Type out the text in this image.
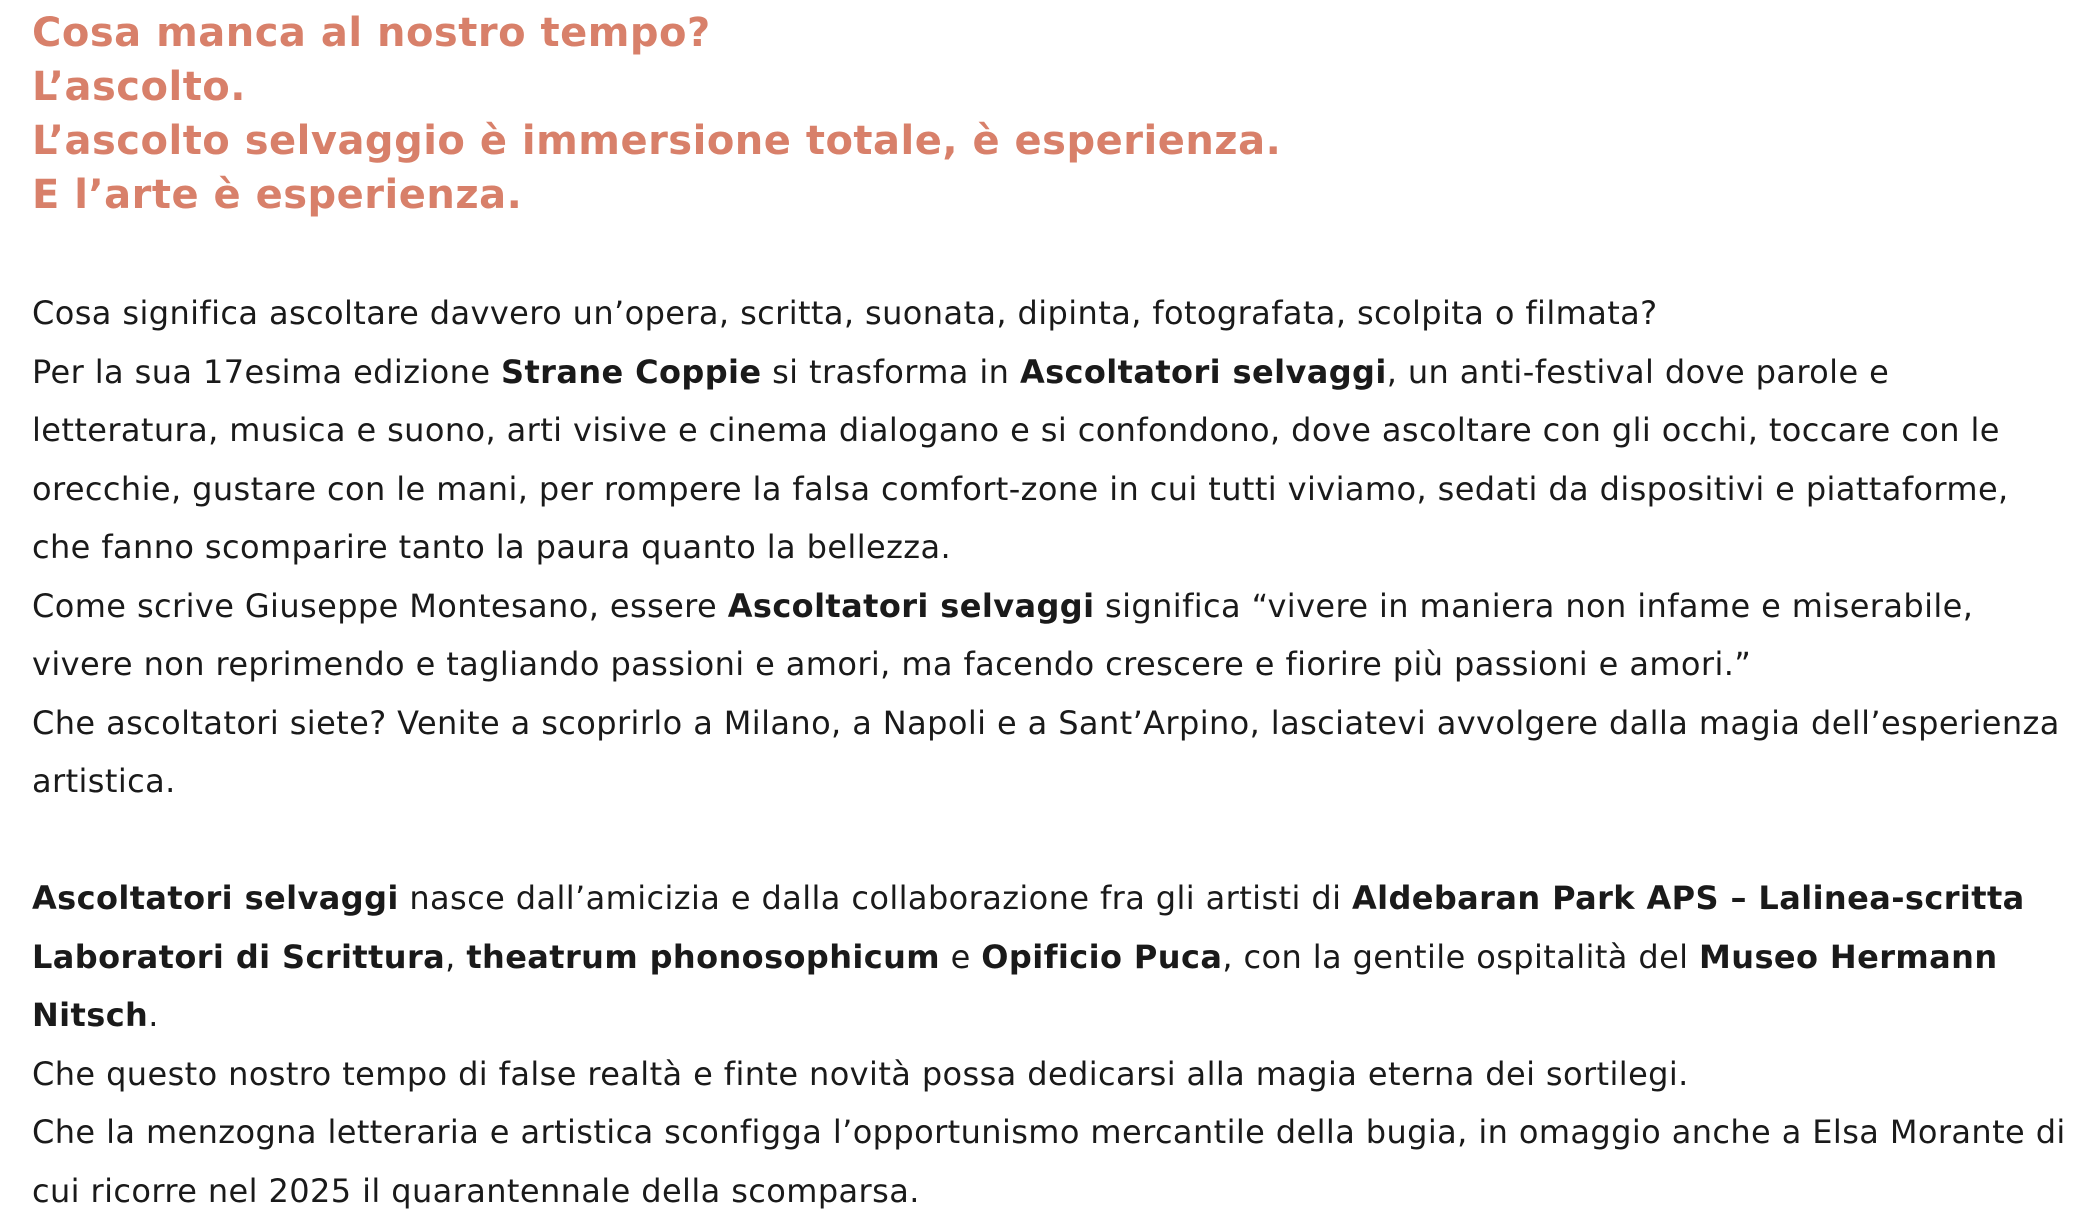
Cosa manca al nostro tempo?
L’ascolto.
L’ascolto selvaggio è immersione totale, è esperienza.
E l’arte è esperienza.

Cosa significa ascoltare davvero un’opera, scritta, suonata, dipinta, fotografata, scolpita o filmata?

Per la sua 17esima edizione Strane Coppie si trasforma in Ascoltatori selvaggi, un anti-festival dove parole e letteratura, musica e suono, arti visive e cinema dialogano e si confondono, dove ascoltare con gli occhi, toccare con le orecchie, gustare con le mani, per rompere la falsa comfort-zone in cui tutti viviamo, sedati da dispositivi e piattaforme, che fanno scomparire tanto la paura quanto la bellezza.

Come scrive Giuseppe Montesano, essere Ascoltatori selvaggi significa “vivere in maniera non infame e miserabile, vivere non reprimendo e tagliando passioni e amori, ma facendo crescere e fiorire più passioni e amori.”

Che ascoltatori siete? Venite a scoprirlo a Milano, a Napoli e a Sant’Arpino, lasciatevi avvolgere dalla magia dell’esperienza artistica.

Ascoltatori selvaggi nasce dall’amicizia e dalla collaborazione fra gli artisti di Aldebaran Park APS – Lalinea-scritta Laboratori di Scrittura, theatrum phonosophicum e Opificio Puca, con la gentile ospitalità del Museo Hermann Nitsch.

Che questo nostro tempo di false realtà e finte novità possa dedicarsi alla magia eterna dei sortilegi.

Che la menzogna letteraria e artistica sconfigga l’opportunismo mercantile della bugia, in omaggio anche a Elsa Morante di cui ricorre nel 2025 il quarantennale della scomparsa.
